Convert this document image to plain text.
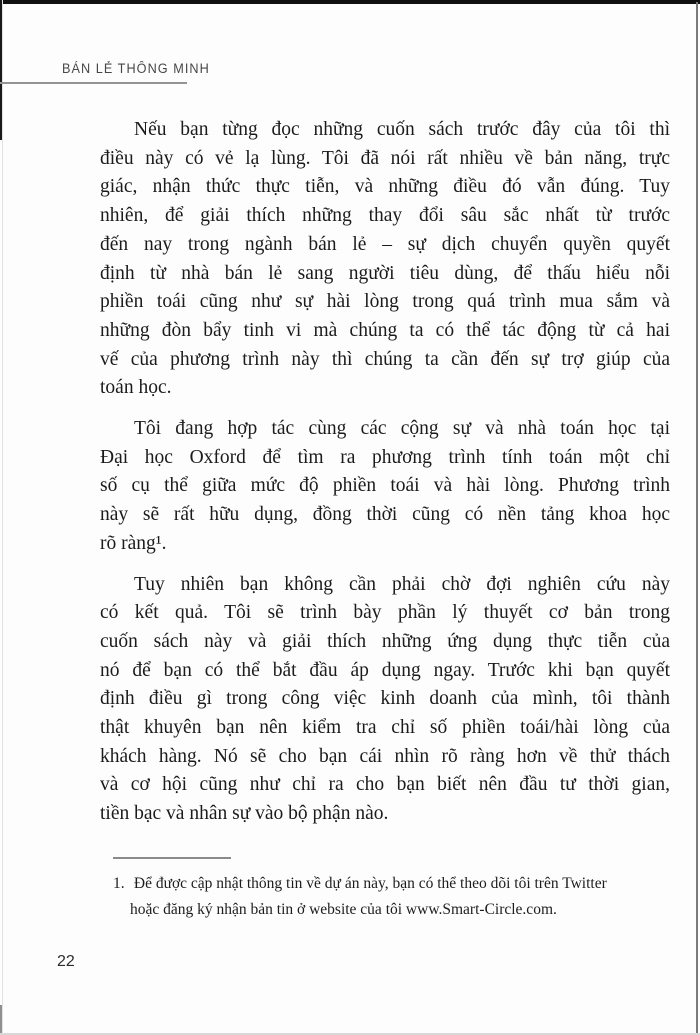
BÁN LẺ THÔNG MINH

Nếu bạn từng đọc những cuốn sách trước đây của tôi thì
điều này có vẻ lạ lùng. Tôi đã nói rất nhiều về bản năng, trực
giác, nhận thức thực tiễn, và những điều đó vẫn đúng. Tuy
nhiên, để giải thích những thay đổi sâu sắc nhất từ trước
đến nay trong ngành bán lẻ – sự dịch chuyển quyền quyết
định từ nhà bán lẻ sang người tiêu dùng, để thấu hiểu nỗi
phiền toái cũng như sự hài lòng trong quá trình mua sắm và
những đòn bẩy tinh vi mà chúng ta có thể tác động từ cả hai
vế của phương trình này thì chúng ta cần đến sự trợ giúp của
toán học.

Tôi đang hợp tác cùng các cộng sự và nhà toán học tại
Đại học Oxford để tìm ra phương trình tính toán một chỉ
số cụ thể giữa mức độ phiền toái và hài lòng. Phương trình
này sẽ rất hữu dụng, đồng thời cũng có nền tảng khoa học
rõ ràng¹.

Tuy nhiên bạn không cần phải chờ đợi nghiên cứu này
có kết quả. Tôi sẽ trình bày phần lý thuyết cơ bản trong
cuốn sách này và giải thích những ứng dụng thực tiễn của
nó để bạn có thể bắt đầu áp dụng ngay. Trước khi bạn quyết
định điều gì trong công việc kinh doanh của mình, tôi thành
thật khuyên bạn nên kiểm tra chỉ số phiền toái/hài lòng của
khách hàng. Nó sẽ cho bạn cái nhìn rõ ràng hơn về thử thách
và cơ hội cũng như chỉ ra cho bạn biết nên đầu tư thời gian,
tiền bạc và nhân sự vào bộ phận nào.

1. Để được cập nhật thông tin về dự án này, bạn có thể theo dõi tôi trên Twitter
hoặc đăng ký nhận bản tin ở website của tôi www.Smart-Circle.com.
22
